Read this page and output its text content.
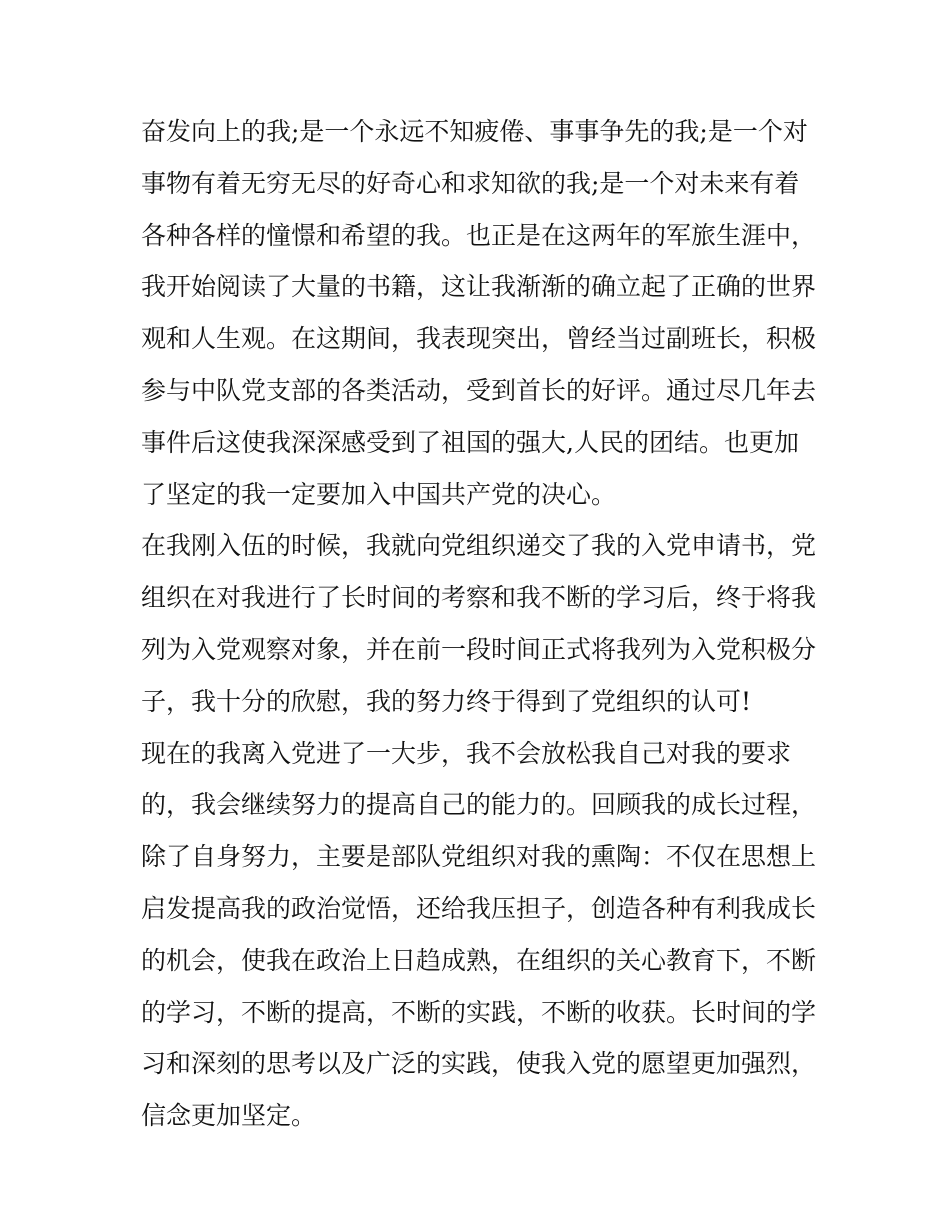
奋发向上的我;是一个永远不知疲倦、事事争先的我;是一个对
事物有着无穷无尽的好奇心和求知欲的我;是一个对未来有着
各种各样的憧憬和希望的我。也正是在这两年的军旅生涯中，
我开始阅读了大量的书籍，这让我渐渐的确立起了正确的世界
观和人生观。在这期间，我表现突出，曾经当过副班长，积极
参与中队党支部的各类活动，受到首长的好评。通过尽几年去
事件后这使我深深感受到了祖国的强大,人民的团结。也更加
了坚定的我一定要加入中国共产党的决心。
在我刚入伍的时候，我就向党组织递交了我的入党申请书，党
组织在对我进行了长时间的考察和我不断的学习后，终于将我
列为入党观察对象，并在前一段时间正式将我列为入党积极分
子，我十分的欣慰，我的努力终于得到了党组织的认可!
现在的我离入党进了一大步，我不会放松我自己对我的要求
的，我会继续努力的提高自己的能力的。回顾我的成长过程，
除了自身努力，主要是部队党组织对我的熏陶：不仅在思想上
启发提高我的政治觉悟，还给我压担子，创造各种有利我成长
的机会，使我在政治上日趋成熟，在组织的关心教育下，不断
的学习，不断的提高，不断的实践，不断的收获。长时间的学
习和深刻的思考以及广泛的实践，使我入党的愿望更加强烈，
信念更加坚定。
